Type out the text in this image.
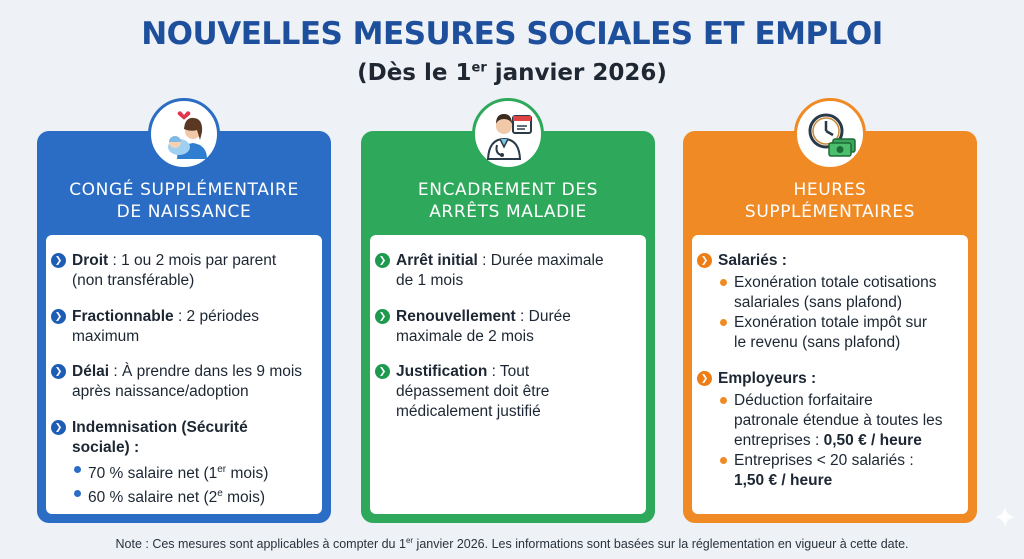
NOUVELLES MESURES SOCIALES ET EMPLOI
(Dès le 1er janvier 2026)
CONGÉ SUPPLÉMENTAIRE
DE NAISSANCE
❯ Droit : 1 ou 2 mois par parent
(non transférable)
❯ Fractionnable : 2 périodes
maximum
❯ Délai : À prendre dans les 9 mois
après naissance/adoption
❯ Indemnisation (Sécurité
sociale) :
70 % salaire net (1er mois)
60 % salaire net (2e mois)
ENCADREMENT DES
ARRÊTS MALADIE
❯ Arrêt initial : Durée maximale
de 1 mois
❯ Renouvellement : Durée
maximale de 2 mois
❯ Justification : Tout
dépassement doit être
médicalement justifié
HEURES
SUPPLÉMENTAIRES
❯ Salariés :
Exonération totale cotisations
salariales (sans plafond)
Exonération totale impôt sur
le revenu (sans plafond)
❯ Employeurs :
Déduction forfaitaire
patronale étendue à toutes les
entreprises : 0,50 € / heure
Entreprises < 20 salariés :
1,50 € / heure
Note : Ces mesures sont applicables à compter du 1er janvier 2026. Les informations sont basées sur la réglementation en vigueur à cette date.
